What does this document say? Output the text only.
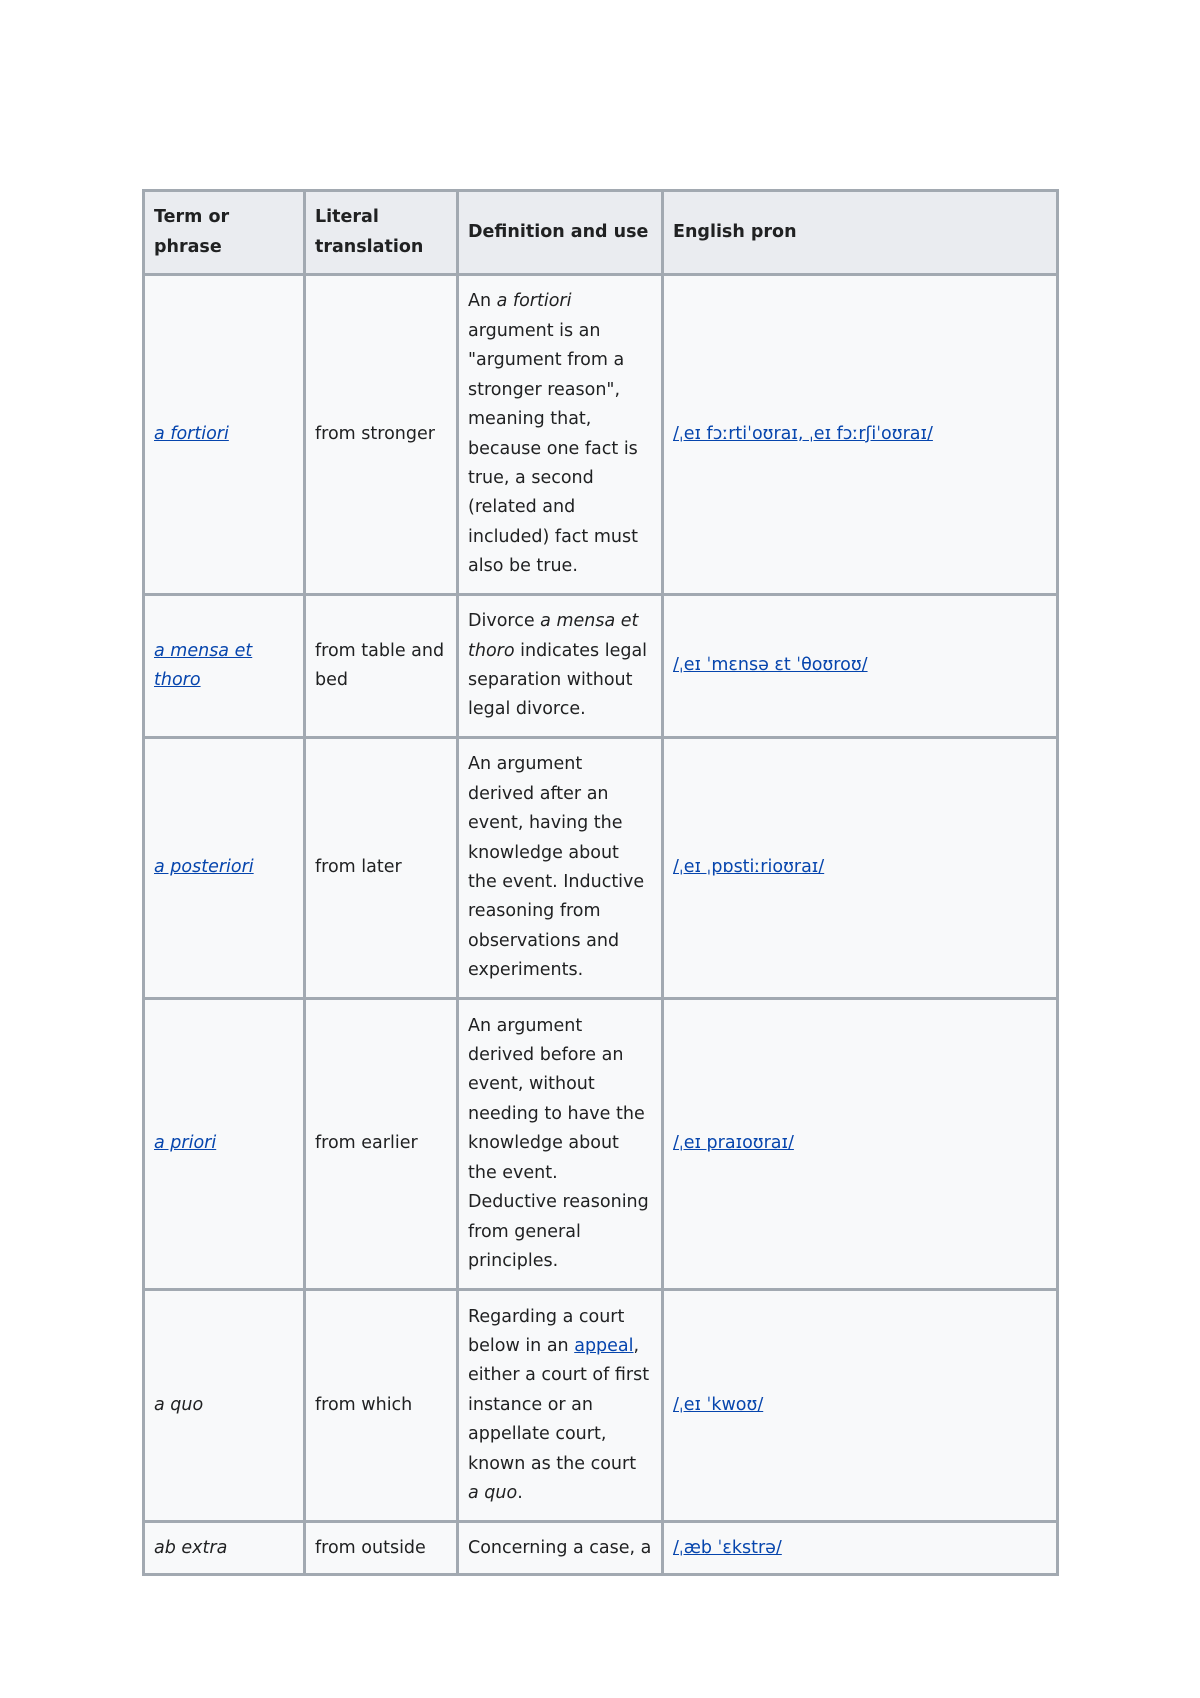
Term or phrase	Literal translation	Definition and use	English pron
a fortiori	from stronger	An a fortiori argument is an "argument from a stronger reason", meaning that, because one fact is true, a second (related and included) fact must also be true.	/ˌeɪ fɔːrtiˈoʊraɪ, ˌeɪ fɔːrʃiˈoʊraɪ/
a mensa et thoro	from table and bed	Divorce a mensa et thoro indicates legal separation without legal divorce.	/ˌeɪ ˈmɛnsə ɛt ˈθoʊroʊ/
a posteriori	from later	An argument derived after an event, having the knowledge about the event. Inductive reasoning from observations and experiments.	/ˌeɪ ˌpɒstiːrioʊraɪ/
a priori	from earlier	An argument derived before an event, without needing to have the knowledge about the event. Deductive reasoning from general principles.	/ˌeɪ praɪoʊraɪ/
a quo	from which	Regarding a court below in an appeal, either a court of first instance or an appellate court, known as the court a quo.	/ˌeɪ ˈkwoʊ/
ab extra	from outside	Concerning a case, a	/ˌæb ˈɛkstrə/
